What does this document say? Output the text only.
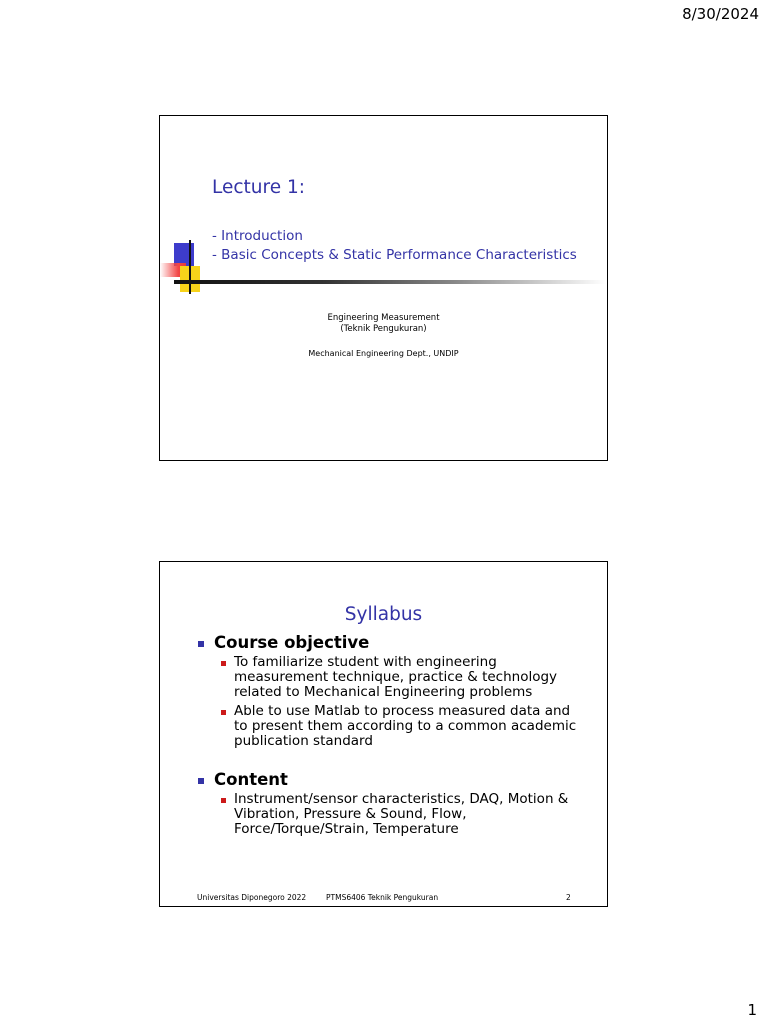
8/30/2024
Lecture 1:
- Introduction
- Basic Concepts & Static Performance Characteristics
Engineering Measurement
(Teknik Pengukuran)
Mechanical Engineering Dept., UNDIP
Syllabus
Course objective
To familiarize student with engineering
measurement technique, practice & technology
related to Mechanical Engineering problems
Able to use Matlab to process measured data and
to present them according to a common academic
publication standard
Content
Instrument/sensor characteristics, DAQ, Motion &
Vibration, Pressure & Sound, Flow,
Force/Torque/Strain, Temperature
Universitas Diponegoro 2022	PTMS6406 Teknik Pengukuran	2
1
